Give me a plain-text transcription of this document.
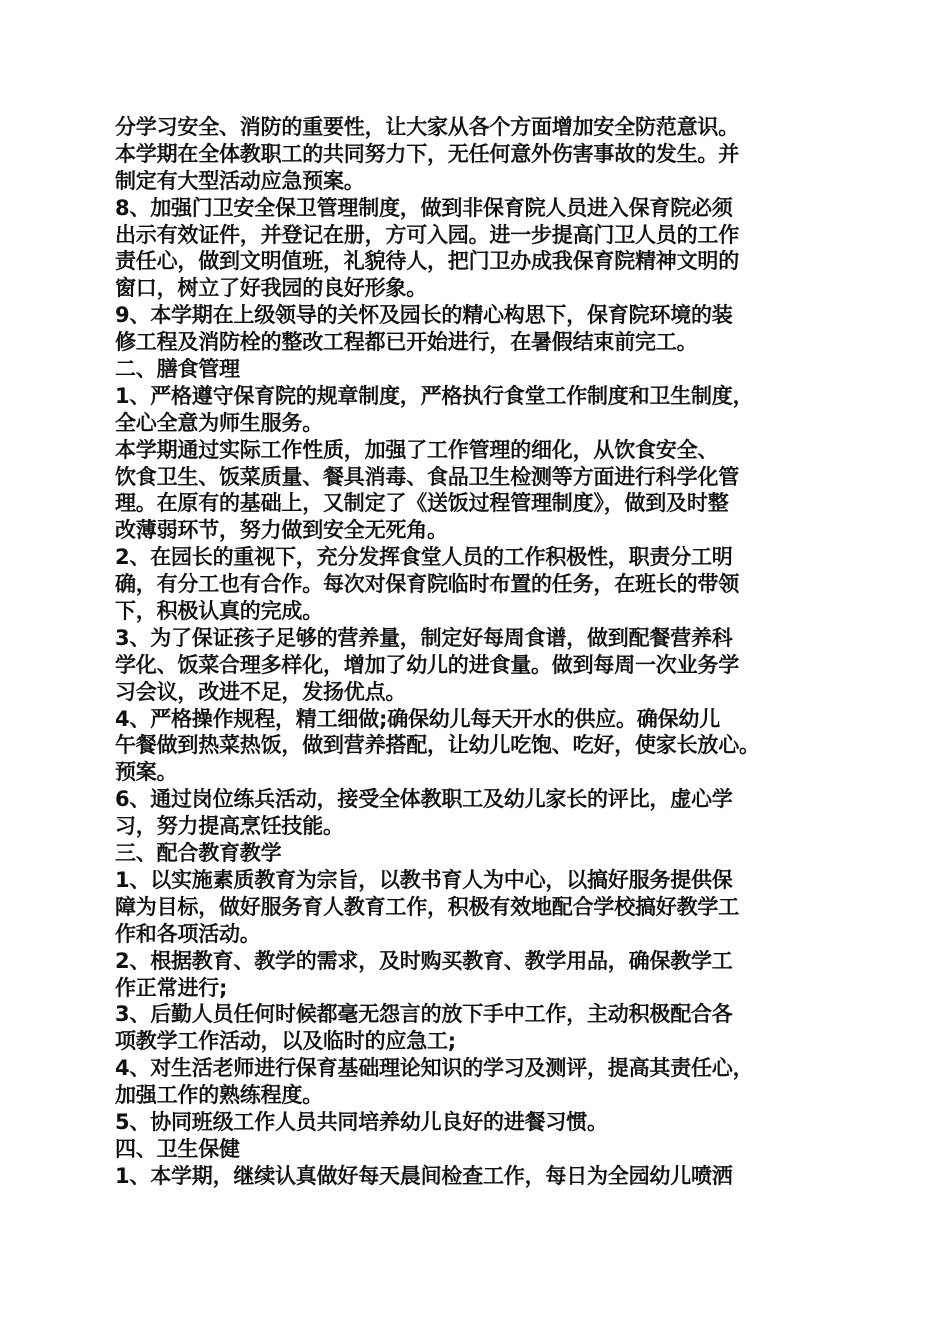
分学习安全、消防的重要性，让大家从各个方面增加安全防范意识。
本学期在全体教职工的共同努力下，无任何意外伤害事故的发生。并
制定有大型活动应急预案。
8、加强门卫安全保卫管理制度，做到非保育院人员进入保育院必须
出示有效证件，并登记在册，方可入园。进一步提高门卫人员的工作
责任心，做到文明值班，礼貌待人，把门卫办成我保育院精神文明的
窗口，树立了好我园的良好形象。
9、本学期在上级领导的关怀及园长的精心构思下，保育院环境的装
修工程及消防栓的整改工程都已开始进行，在暑假结束前完工。
二、膳食管理
1、严格遵守保育院的规章制度，严格执行食堂工作制度和卫生制度，
全心全意为师生服务。
本学期通过实际工作性质，加强了工作管理的细化，从饮食安全、
饮食卫生、饭菜质量、餐具消毒、食品卫生检测等方面进行科学化管
理。在原有的基础上，又制定了《送饭过程管理制度》，做到及时整
改薄弱环节，努力做到安全无死角。
2、在园长的重视下，充分发挥食堂人员的工作积极性，职责分工明
确，有分工也有合作。每次对保育院临时布置的任务，在班长的带领
下，积极认真的完成。
3、为了保证孩子足够的营养量，制定好每周食谱，做到配餐营养科
学化、饭菜合理多样化，增加了幼儿的进食量。做到每周一次业务学
习会议，改进不足，发扬优点。
4、严格操作规程，精工细做;确保幼儿每天开水的供应。确保幼儿
午餐做到热菜热饭，做到营养搭配，让幼儿吃饱、吃好，使家长放心。
预案。
6、通过岗位练兵活动，接受全体教职工及幼儿家长的评比，虚心学
习，努力提高烹饪技能。
三、配合教育教学
1、以实施素质教育为宗旨，以教书育人为中心，以搞好服务提供保
障为目标，做好服务育人教育工作，积极有效地配合学校搞好教学工
作和各项活动。
2、根据教育、教学的需求，及时购买教育、教学用品，确保教学工
作正常进行;
3、后勤人员任何时候都毫无怨言的放下手中工作，主动积极配合各
项教学工作活动，以及临时的应急工;
4、对生活老师进行保育基础理论知识的学习及测评，提高其责任心，
加强工作的熟练程度。
5、协同班级工作人员共同培养幼儿良好的进餐习惯。
四、卫生保健
1、本学期，继续认真做好每天晨间检查工作，每日为全园幼儿喷洒
